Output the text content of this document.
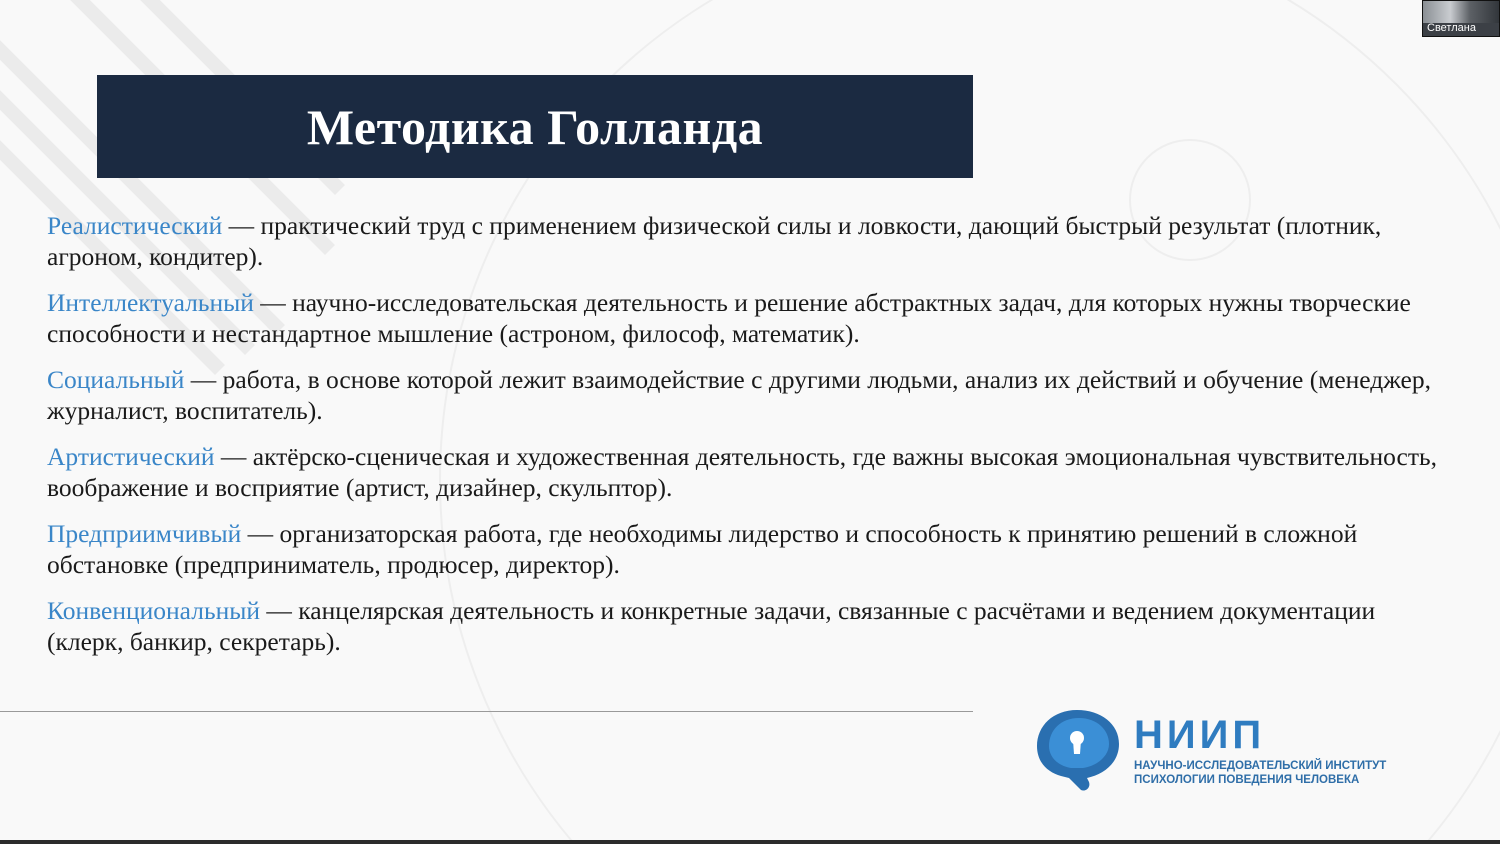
Методика Голланда
Реалистический — практический труд с применением физической силы и ловкости, дающий быстрый результат (плотник, агроном, кондитер).
Интеллектуальный — научно-исследовательская деятельность и решение абстрактных задач, для которых нужны творческие способности и нестандартное мышление (астроном, философ, математик).
Социальный — работа, в основе которой лежит взаимодействие с другими людьми, анализ их действий и обучение (менеджер, журналист, воспитатель).
Артистический — актёрско-сценическая и художественная деятельность, где важны высокая эмоциональная чувствительность, воображение и восприятие (артист, дизайнер, скульптор).
Предприимчивый — организаторская работа, где необходимы лидерство и способность к принятию решений в сложной обстановке (предприниматель, продюсер, директор).
Конвенциональный — канцелярская деятельность и конкретные задачи, связанные с расчётами и ведением документации (клерк, банкир, секретарь).
НИИП
НАУЧНО-ИССЛЕДОВАТЕЛЬСКИЙ ИНСТИТУТ
ПСИХОЛОГИИ ПОВЕДЕНИЯ ЧЕЛОВЕКА
Светлана
